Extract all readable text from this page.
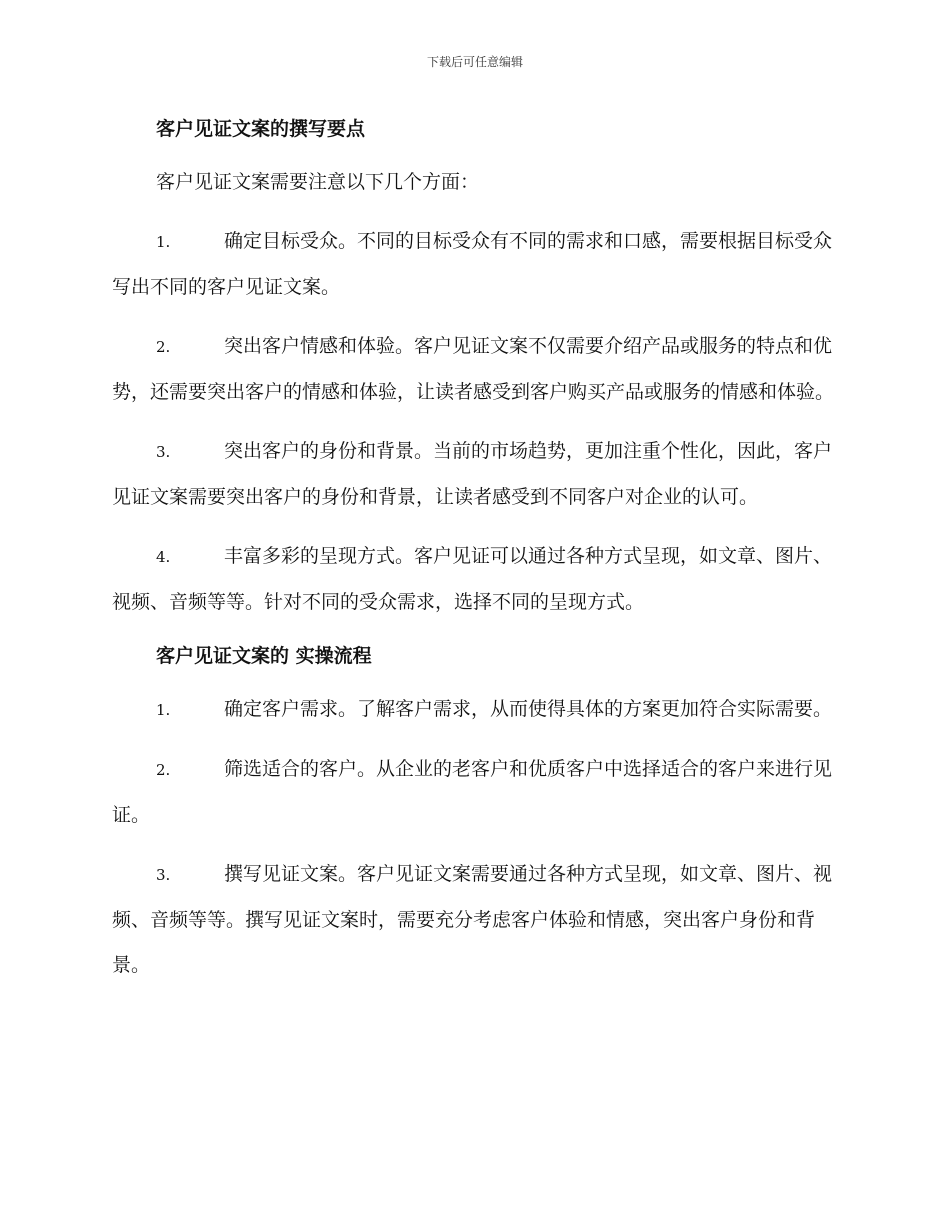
下载后可任意编辑
客户见证文案的撰写要点

客户见证文案需要注意以下几个方面：

1.	确定目标受众。不同的目标受众有不同的需求和口感，需要根据目标受众写出不同的客户见证文案。

2.	突出客户情感和体验。客户见证文案不仅需要介绍产品或服务的特点和优势，还需要突出客户的情感和体验，让读者感受到客户购买产品或服务的情感和体验。

3.	突出客户的身份和背景。当前的市场趋势，更加注重个性化，因此，客户见证文案需要突出客户的身份和背景，让读者感受到不同客户对企业的认可。

4.	丰富多彩的呈现方式。客户见证可以通过各种方式呈现，如文章、图片、视频、音频等等。针对不同的受众需求，选择不同的呈现方式。

客户见证文案的 实操流程

1.	确定客户需求。了解客户需求，从而使得具体的方案更加符合实际需要。

2.	筛选适合的客户。从企业的老客户和优质客户中选择适合的客户来进行见证。

3.	撰写见证文案。客户见证文案需要通过各种方式呈现，如文章、图片、视频、音频等等。撰写见证文案时，需要充分考虑客户体验和情感，突出客户身份和背景。
